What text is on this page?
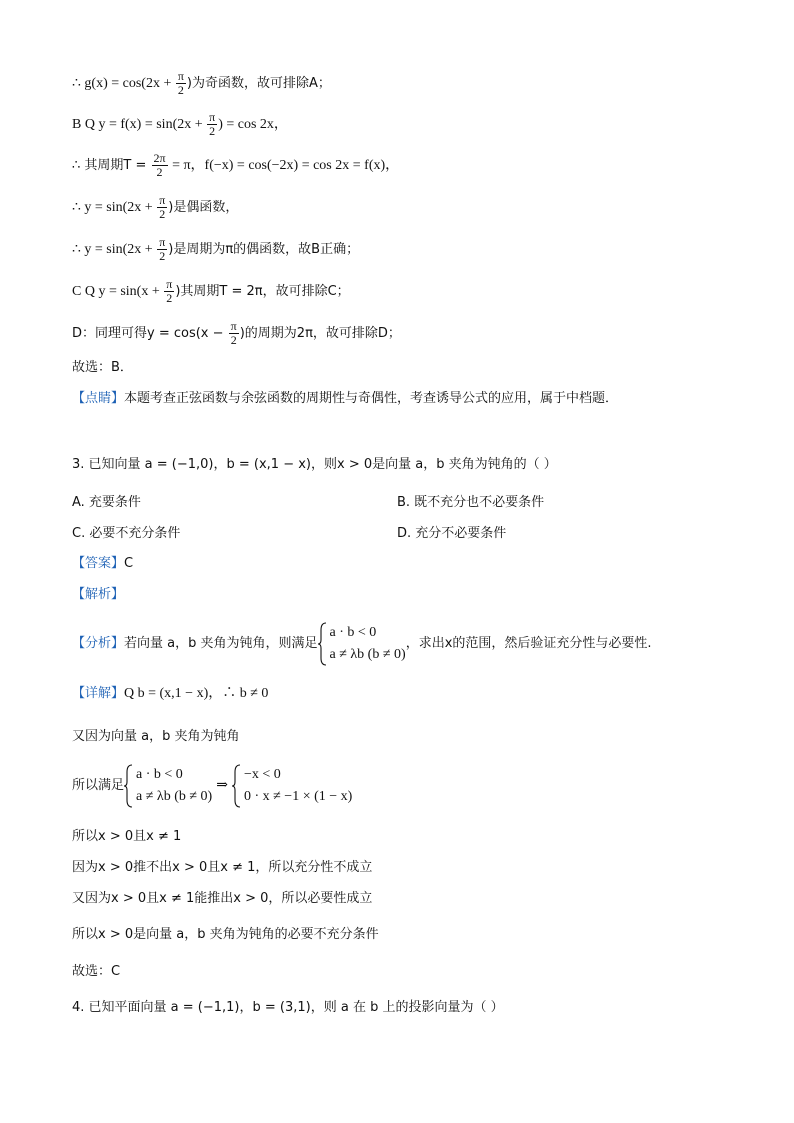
∴ $g(x) = \cos(2x + \frac{\pi}{2}$ )为奇函数，故可排除A；
B Q $y = f(x) = \sin(2x + \frac{\pi}{2}$ ) = cos 2x，
∴ 其周期$T = \frac{2\pi}{2} = \pi$，f(−x) = cos(−2x) = cos 2x = f(x)，
∴ $y = \sin(2x + \frac{\pi}{2}$ )是偶函数，
∴ $y = \sin(2x + \frac{\pi}{2}$ )是周期为π的偶函数，故B正确；
C Q $y = \sin(x + \frac{\pi}{2}$ )其周期T = 2π，故可排除C；
D：同理可得$y = \cos(x - \frac{\pi}{2}$ )的周期为2π，故可排除D；
故选：B．
【点睛】本题考查正弦函数与余弦函数的周期性与奇偶性，考查诱导公式的应用，属于中档题．
3. 已知向量 a = (−1,0)，b = (x,1 − x)，则x > 0是向量 a，b 夹角为钝角的（ ）
A. 充要条件	B. 既不充分也不必要条件
C. 必要不充分条件	D. 充分不必要条件
【答案】C
【解析】
【分析】若向量 a，b 夹角为钝角，则满足
a · b < 0
a ≠ λb (b ≠ 0)
，求出x的范围，然后验证充分性与必要性.
【详解】Q b = (x,1 − x)，∴ b ≠ 0
又因为向量 a，b 夹角为钝角
所以满足
a · b < 0
a ≠ λb (b ≠ 0)
⇒
−x < 0
0 · x ≠ −1 × (1 − x)
所以x > 0且x ≠ 1
因为x > 0推不出x > 0且x ≠ 1，所以充分性不成立
又因为x > 0且x ≠ 1能推出x > 0，所以必要性成立
所以x > 0是向量 a，b 夹角为钝角的必要不充分条件
故选：C
4. 已知平面向量 a = (−1,1)，b = (3,1)，则 a 在 b 上的投影向量为（ ）
